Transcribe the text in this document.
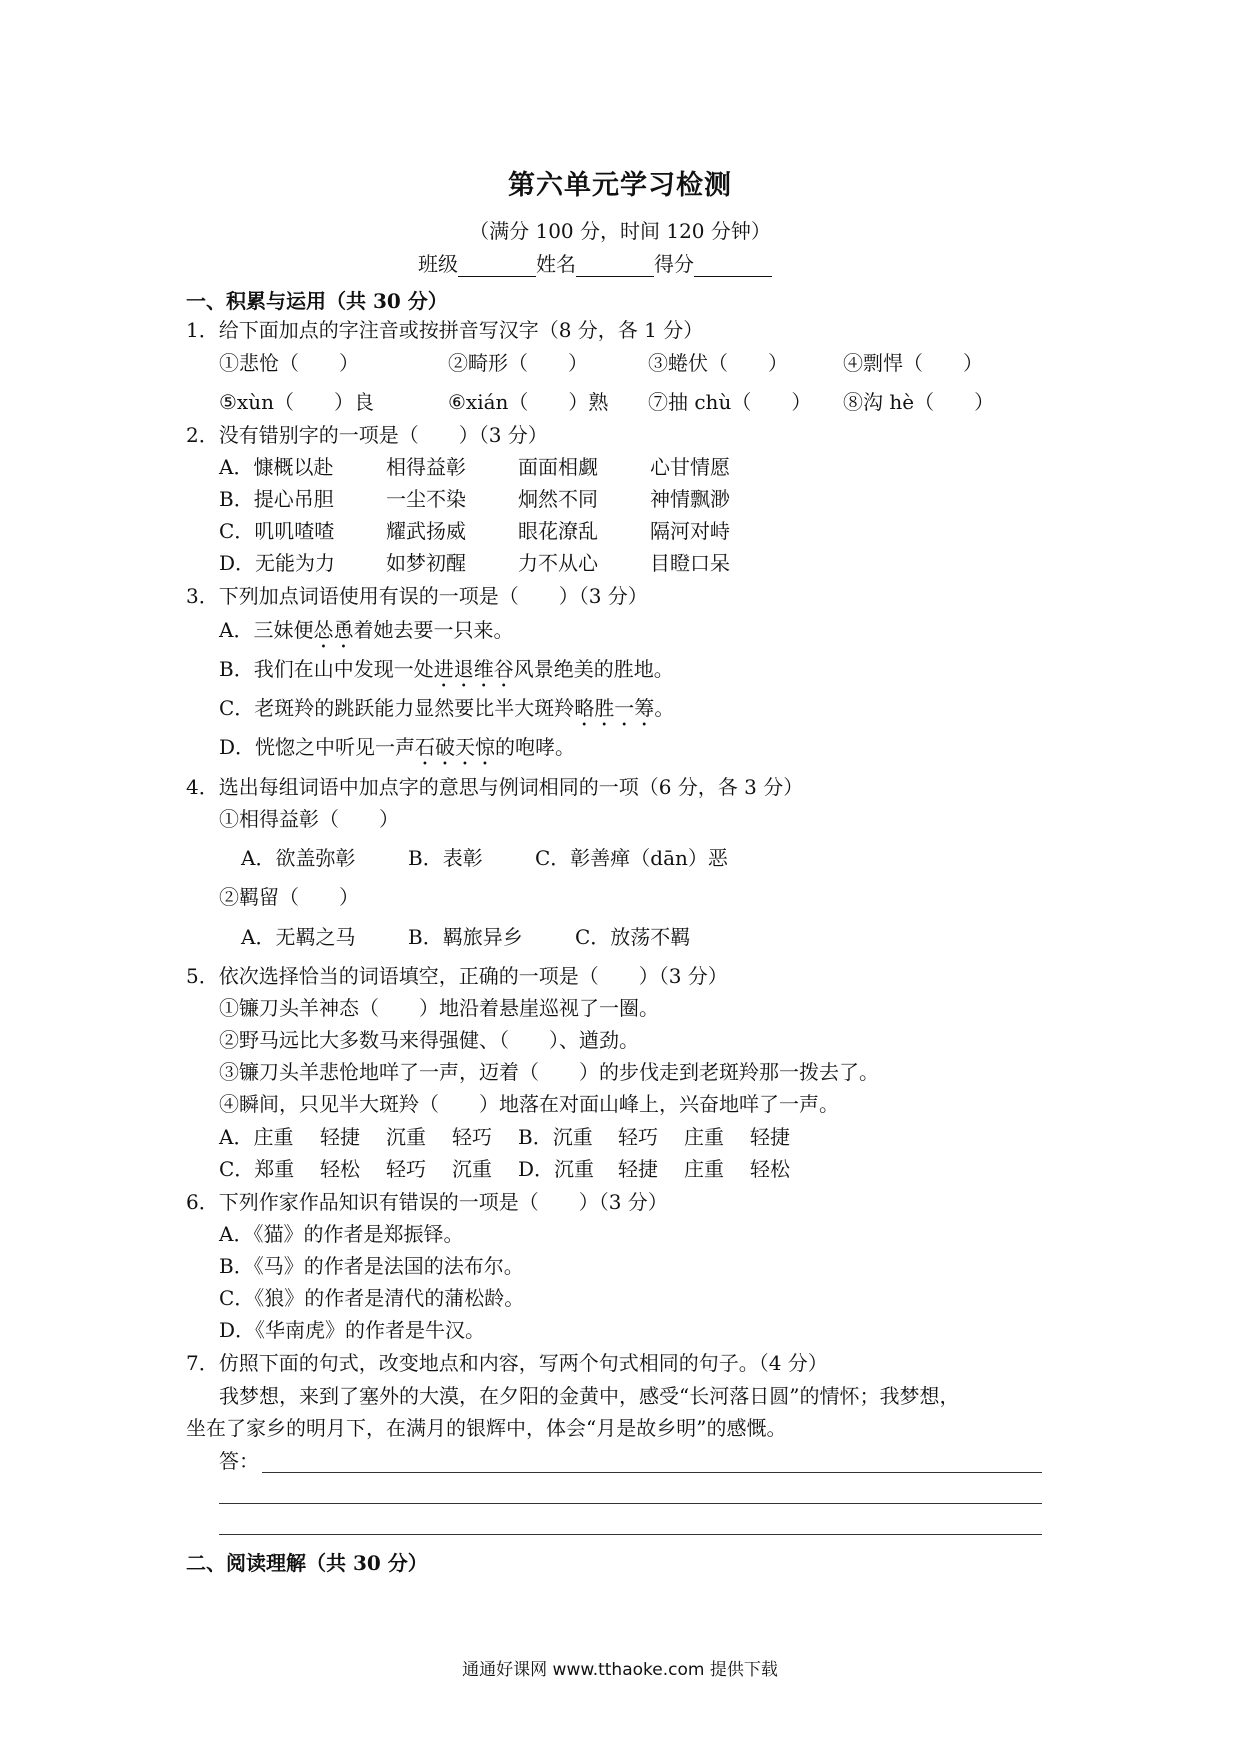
第六单元学习检测
（满分 100 分，时间 120 分钟）
班级	姓名	得分
一、积累与运用（共 30 分）
1．给下面加点的字注音或按拼音写汉字（8 分，各 1 分）
①悲怆（　　）	②畸形（　　）	③蜷伏（　　）	④剽悍（　　）
⑤xùn（　　）良	⑥xián（　　）熟 ⑦抽 chù（　　） ⑧沟 hè（　　）
2．没有错别字的一项是（　　）（3 分）
A．慷概以赴	相得益彰	面面相觑	心甘情愿
B．提心吊胆	一尘不染	炯然不同	神情飘渺
C．叽叽喳喳	耀武扬威	眼花潦乱	隔河对峙
D．无能为力	如梦初醒	力不从心	目瞪口呆
3．下列加点词语使用有误的一项是（　　）（3 分）
A．三妹便怂恿着她去要一只来。
B．我们在山中发现一处进退维谷风景绝美的胜地。
C．老斑羚的跳跃能力显然要比半大斑羚略胜一筹。
D．恍惚之中听见一声石破天惊的咆哮。
4．选出每组词语中加点字的意思与例词相同的一项（6 分，各 3 分）
①相得益彰（　　）
A．欲盖弥彰	B．表彰	C．彰善瘅（dān）恶
②羁留（　　）
A．无羁之马	B．羁旅异乡	C．放荡不羁
5．依次选择恰当的词语填空，正确的一项是（　　）（3 分）
①镰刀头羊神态（　　）地沿着悬崖巡视了一圈。
②野马远比大多数马来得强健、（　　）、遒劲。
③镰刀头羊悲怆地咩了一声，迈着（　　）的步伐走到老斑羚那一拨去了。
④瞬间，只见半大斑羚（　　）地落在对面山峰上，兴奋地咩了一声。
A．庄重 轻捷 沉重 轻巧 B．沉重 轻巧 庄重 轻捷
C．郑重 轻松 轻巧 沉重 D．沉重 轻捷 庄重 轻松
6．下列作家作品知识有错误的一项是（　　）（3 分）
A．《猫》的作者是郑振铎。
B．《马》的作者是法国的法布尔。
C．《狼》的作者是清代的蒲松龄。
D．《华南虎》的作者是牛汉。
7．仿照下面的句式，改变地点和内容，写两个句式相同的句子。（4 分）
我梦想，来到了塞外的大漠，在夕阳的金黄中，感受“长河落日圆”的情怀；我梦想，
坐在了家乡的明月下，在满月的银辉中，体会“月是故乡明”的感慨。
答：
二、阅读理解（共 30 分）
通通好课网 www.tthaoke.com 提供下载
